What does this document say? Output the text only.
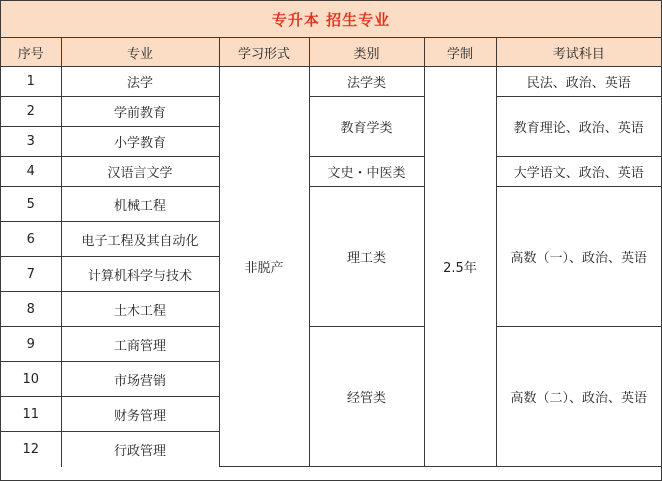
专升本 招生专业
序号	专业	学习形式	类别	学制	考试科目
1	法学	非脱产	法学类	2.5年	民法、政治、英语
2	学前教育		教育学类		教育理论、政治、英语
3	小学教育				
4	汉语言文学		文史・中医类		大学语文、政治、英语
5	机械工程		理工类		高数（一）、政治、英语
6	电子工程及其自动化				
7	计算机科学与技术				
8	土木工程				
9	工商管理		经管类		高数（二）、政治、英语
10	市场营销				
11	财务管理				
12	行政管理				
